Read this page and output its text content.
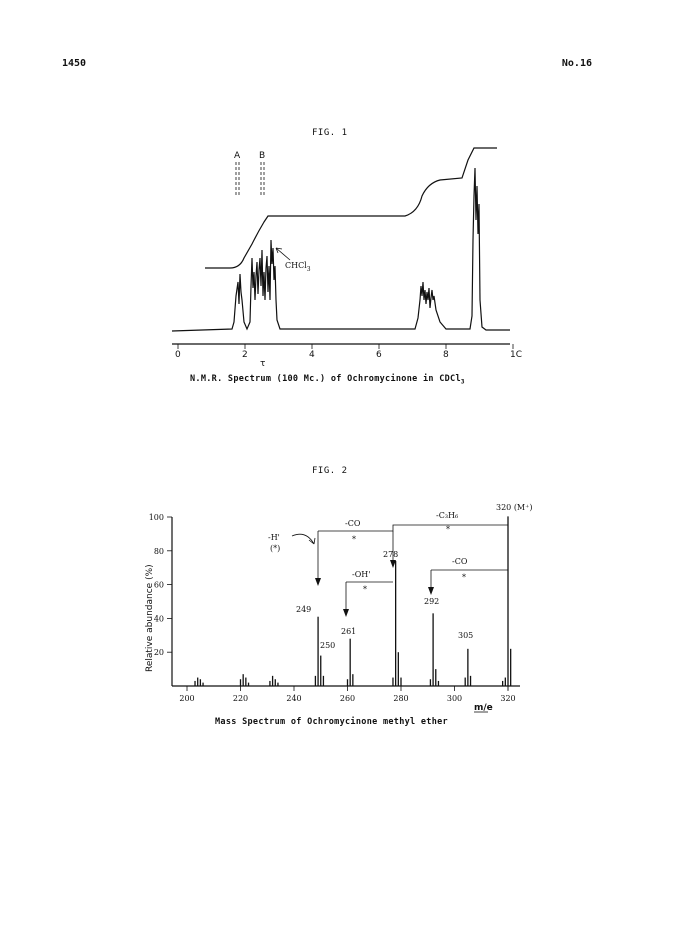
1450	No.16
FIG. 1
A B
CHCl$_3$
0	2	4	6	8	1C
τ
N.M.R. Spectrum (100 Mc.) of Ochromycinone in CDCl$_3$
FIG. 2
Relative abundance (%)
20
40
60
80
100
200	220	240	260	280	300	320
-CO
*
-C₃H₆
*
-OH'
*
-CO
*
-H'
(*)
249
250
261
278
292
305
320 (M⁺)
m/e
Mass Spectrum of Ochromycinone methyl ether
